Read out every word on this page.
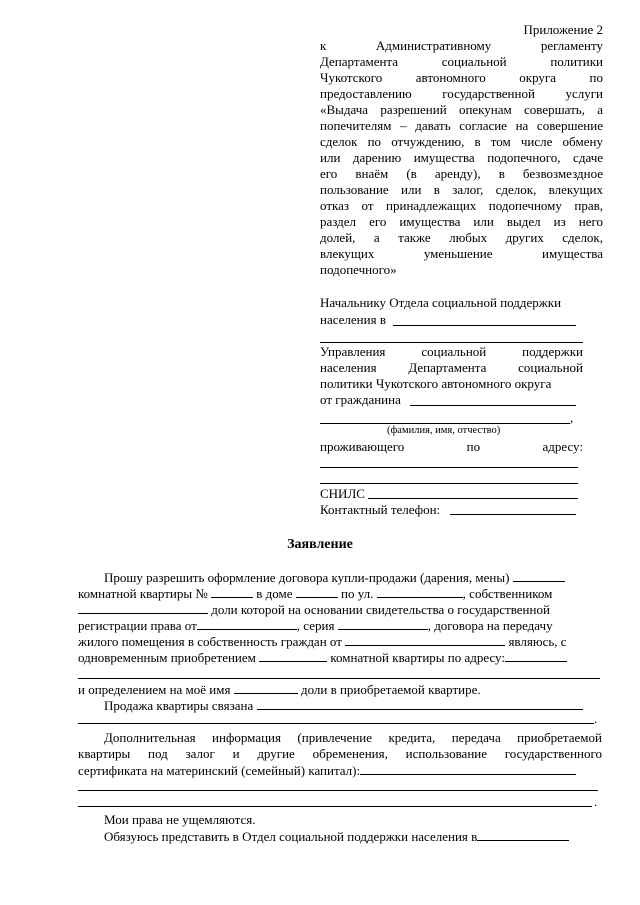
Приложение 2
к Административному регламенту
Департамента социальной политики
Чукотского автономного округа по
предоставлению государственной услуги
«Выдача разрешений опекунам совершать, а
попечителям – давать согласие на совершение
сделок по отчуждению, в том числе обмену
или дарению имущества подопечного, сдаче
его внаём (в аренду), в безвозмездное
пользование или в залог, сделок, влекущих
отказ от принадлежащих подопечному прав,
раздел его имущества или выдел из него
долей, а также любых других сделок,
влекущих уменьшение имущества
подопечного»
Начальнику Отдела социальной поддержки
населения в
Управления социальной поддержки
населения Департамента социальной
политики Чукотского автономного округа
от гражданина
,
(фамилия, имя, отчество)
проживающего по адресу:
СНИЛС
Контактный телефон:
Заявление
Прошу разрешить оформление договора купли-продажи (дарения, мены)
комнатной квартиры №	в доме	по ул.	, собственником
доли которой на основании свидетельства о государственной
регистрации права от	, серия	, договора на передачу
жилого помещения в собственность граждан от	являюсь, с
одновременным приобретением	комнатной квартиры по адресу:
и определением на моё имя	доли в приобретаемой квартире.
Продажа квартиры связана
.
Дополнительная информация (привлечение кредита, передача приобретаемой
квартиры под залог и другие обременения, использование государственного
сертификата на материнский (семейный) капитал):
.
Мои права не ущемляются.
Обязуюсь представить в Отдел социальной поддержки населения в
